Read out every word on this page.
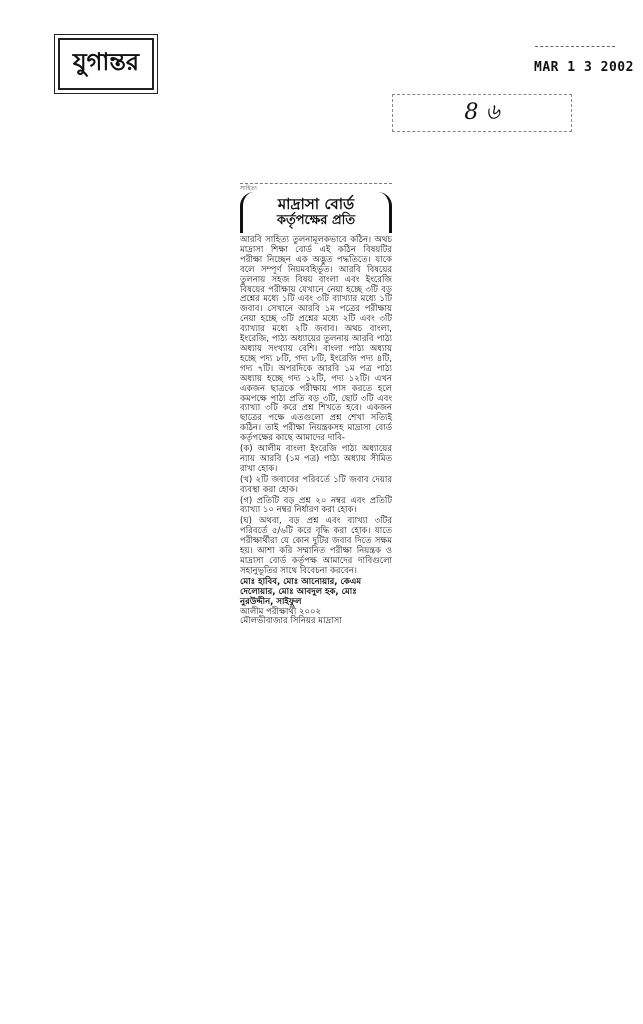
যুগান্তর	MAR 1 3 2002
8 ৬
সাহিত্য
মাদ্রাসা বোর্ড
কর্তৃপক্ষের প্রতি

আরবি সাহিত্য তুলনামূলকভাবে কঠিন। অথচ মাদ্রাসা শিক্ষা বোর্ড এই কঠিন বিষয়টির পরীক্ষা নিচ্ছেন এক অদ্ভুত পদ্ধতিতে। যাকে বলে সম্পূর্ণ নিয়মবহির্ভূত। আরবি বিষয়ের তুলনায় সহজ বিষয় বাংলা এবং ইংরেজি বিষয়ের পরীক্ষায় যেখানে নেয়া হচ্ছে ৩টি বড় প্রশ্নের মধ্যে ১টি এবং ৩টি ব্যাখ্যার মধ্যে ১টি জবাব। সেখানে আরবি ১ম পত্রের পরীক্ষায় নেয়া হচ্ছে ৩টি প্রশ্নের মধ্যে ২টি এবং ৩টি ব্যাখ্যার মধ্যে ২টি জবাব। অথচ বাংলা, ইংরেজি, পাঠ্য অধ্যায়ের তুলনায় আরবি পাঠ্য অধ্যায় সংখ্যায় বেশি। বাংলা পাঠ্য অধ্যায় হচ্ছে পদ্য ৮টি, গদ্য ৮টি, ইংরেজি পদ্য ৪টি, গদ্য ৭টি। অপরদিকে আরবি ১ম পত্র পাঠ্য অধ্যায় হচ্ছে গদ্য ১২টি, পদ্য ১২টি। এখন একজন ছাত্রকে পরীক্ষায় পাস করতে হলে কমপক্ষে পাঠ্য প্রতি বড় ৩টি, ছোট ৩টি এবং ব্যাখ্যা ৩টি করে প্রশ্ন শিখতে হবে। একজন ছাত্রের পক্ষে এতগুলো প্রশ্ন শেখা সত্যিই কঠিন। তাই পরীক্ষা নিয়ন্ত্রকসহ মাদ্রাসা বোর্ড কর্তৃপক্ষের কাছে আমাদের দাবি-

(ক) আলীম বাংলা ইংরেজি পাঠ্য অধ্যায়ের ন্যায় আরবি (১ম পত্র) পাঠ্য অধ্যায় সীমিত রাখা হোক।

(খ) ২টি জবাবের পরিবর্তে ১টি জবাব দেয়ার ব্যবস্থা করা হোক।

(গ) প্রতিটি বড় প্রশ্ন ২০ নম্বর এবং প্রতিটি ব্যাখ্যা ১০ নম্বর নির্ধারণ করা হোক।

(ঘ) অথবা, বড় প্রশ্ন এবং ব্যাখ্যা ৩টির পরিবর্তে ৫/৬টি করে বৃদ্ধি করা হোক। যাতে পরীক্ষার্থীরা যে কোন দুটির জবাব দিতে সক্ষম হয়। আশা করি সম্মানিত পরীক্ষা নিয়ন্ত্রক ও মাদ্রাসা বোর্ড কর্তৃপক্ষ আমাদের দাবিগুলো সহানুভূতির সাথে বিবেচনা করবেন।

মোঃ হাবিব, মোঃ আনোয়ার, কেএম দেলোয়ার, মোঃ আবদুল হক, মোঃ নুরউদ্দীন, সাইফুল

আলীম পরীক্ষার্থী ২০০২

মৌলভীবাজার সিনিয়র মাদ্রাসা
